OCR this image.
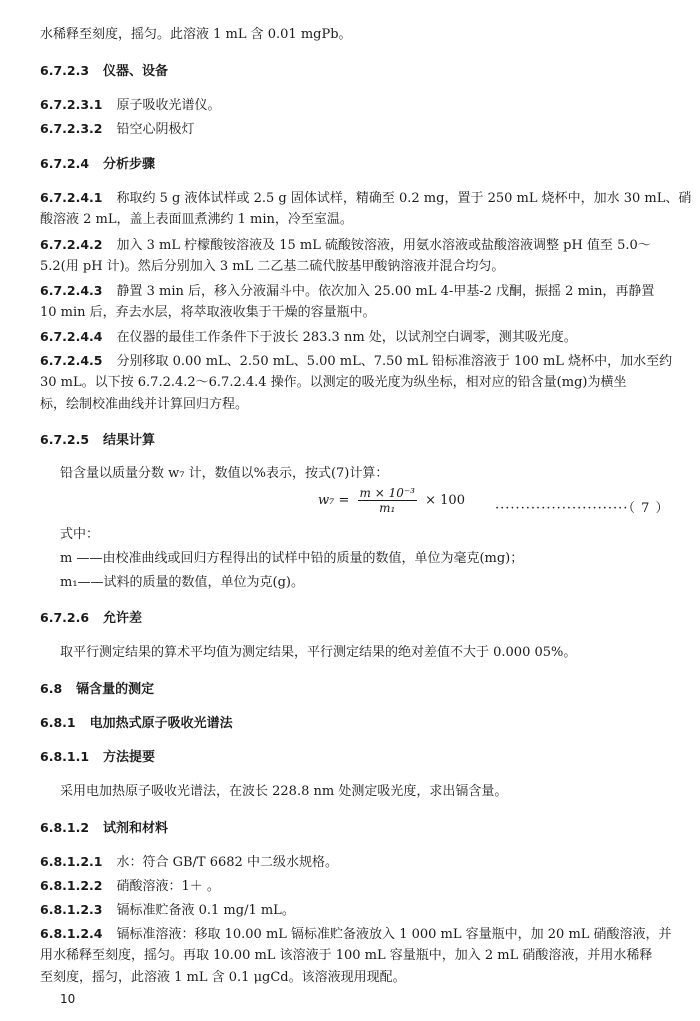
水稀释至刻度，摇匀。此溶液 1 mL 含 0.01 mgPb。
6.7.2.3 仪器、设备
6.7.2.3.1 原子吸收光谱仪。
6.7.2.3.2 铅空心阴极灯
6.7.2.4 分析步骤
6.7.2.4.1 称取约 5 g 液体试样或 2.5 g 固体试样，精确至 0.2 mg，置于 250 mL 烧杯中，加水 30 mL、硝
酸溶液 2 mL，盖上表面皿煮沸约 1 min，冷至室温。
6.7.2.4.2 加入 3 mL 柠檬酸铵溶液及 15 mL 硫酸铵溶液，用氨水溶液或盐酸溶液调整 pH 值至 5.0～
5.2(用 pH 计)。然后分别加入 3 mL 二乙基二硫代胺基甲酸钠溶液并混合均匀。
6.7.2.4.3 静置 3 min 后，移入分液漏斗中。依次加入 25.00 mL 4-甲基-2 戊酮，振摇 2 min，再静置
10 min 后，弃去水层，将萃取液收集于干燥的容量瓶中。
6.7.2.4.4 在仪器的最佳工作条件下于波长 283.3 nm 处，以试剂空白调零，测其吸光度。
6.7.2.4.5 分别移取 0.00 mL、2.50 mL、5.00 mL、7.50 mL 铅标准溶液于 100 mL 烧杯中，加水至约
30 mL。以下按 6.7.2.4.2～6.7.2.4.4 操作。以测定的吸光度为纵坐标，相对应的铅含量(mg)为横坐
标，绘制校准曲线并计算回归方程。
6.7.2.5 结果计算
铅含量以质量分数 w₇ 计，数值以%表示，按式(7)计算：
$w_7 = \frac{\text{m × 10⁻³}}{\text{m₁}} \times 100$
··························（ 7 ）
式中：
m ——由校准曲线或回归方程得出的试样中铅的质量的数值，单位为毫克(mg)；
m₁——试料的质量的数值，单位为克(g)。
6.7.2.6 允许差
取平行测定结果的算术平均值为测定结果，平行测定结果的绝对差值不大于 0.000 05%。
6.8 镉含量的测定
6.8.1 电加热式原子吸收光谱法
6.8.1.1 方法提要
采用电加热原子吸收光谱法，在波长 228.8 nm 处测定吸光度，求出镉含量。
6.8.1.2 试剂和材料
6.8.1.2.1 水：符合 GB/T 6682 中二级水规格。
6.8.1.2.2 硝酸溶液：1＋ 。
6.8.1.2.3 镉标准贮备液 0.1 mg/1 mL。
6.8.1.2.4 镉标准溶液：移取 10.00 mL 镉标准贮备液放入 1 000 mL 容量瓶中，加 20 mL 硝酸溶液，并
用水稀释至刻度，摇匀。再取 10.00 mL 该溶液于 100 mL 容量瓶中，加入 2 mL 硝酸溶液，并用水稀释
至刻度，摇匀，此溶液 1 mL 含 0.1 μgCd。该溶液现用现配。
10
